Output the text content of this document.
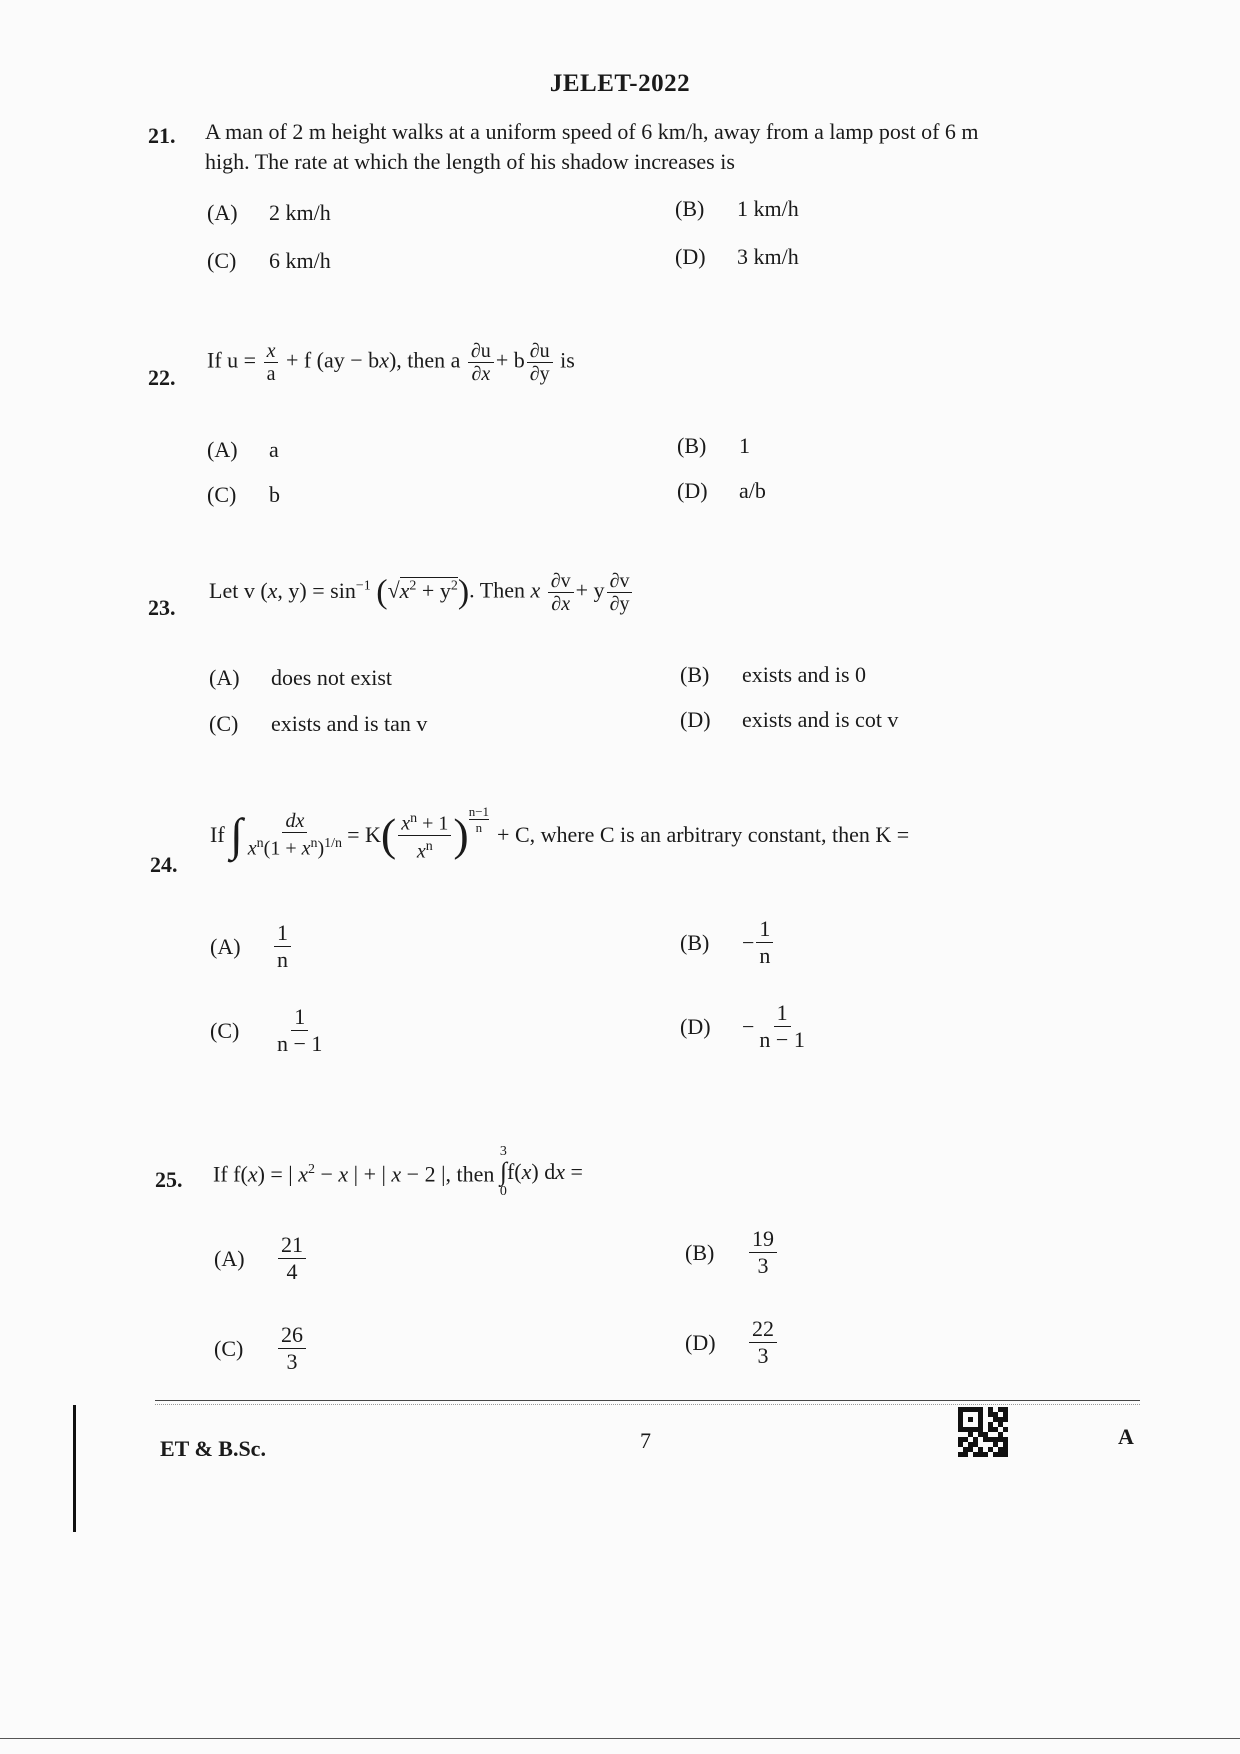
JELET-2022
21. A man of 2 m height walks at a uniform speed of 6 km/h, away from a lamp post of 6 m
high. The rate at which the length of his shadow increases is
(A) 2 km/h	(B) 1 km/h
(C) 6 km/h	(D) 3 km/h
22.
If $u = \frac{x}{a} + f$ (ay − bx), then a $\frac{\partial u}{\partial x} + b \frac{\partial u}{\partial y}$ is
(A) a	(B) 1
(C) b	(D) a/b
23.
Let v (x, $y) = \sin^{-1} (√x^2 + y^2)$. Then x $\frac{\partial v}{\partial x} + y \frac{\partial v}{\partial y}$
(A) does not exist	(B) exists and is 0
(C) exists and is tan v	(D) exists and is cot v
24.
If ∫ $\frac{dx}{x^n(1 + x^n)^{1/n}} = K$ ( $\frac{x^n + 1}{x^n}$ ) n−1
n + C, where C is an arbitrary constant, then K =
(A)	$\frac{1}{n}$	(B)	− $\frac{1}{n}$
(C)	$\frac{1}{n - 1}$	(D)	− $\frac{1}{n - 1}$
25. If f(x) = | $x^2 - x$ | + | x − 2 |, then
3
∫
0
f(x) dx =
(A)	$\frac{21}{4}$	(B)	$\frac{19}{3}$
(C)	$\frac{26}{3}$	(D)	$\frac{22}{3}$
ET & B.Sc.	7	A
